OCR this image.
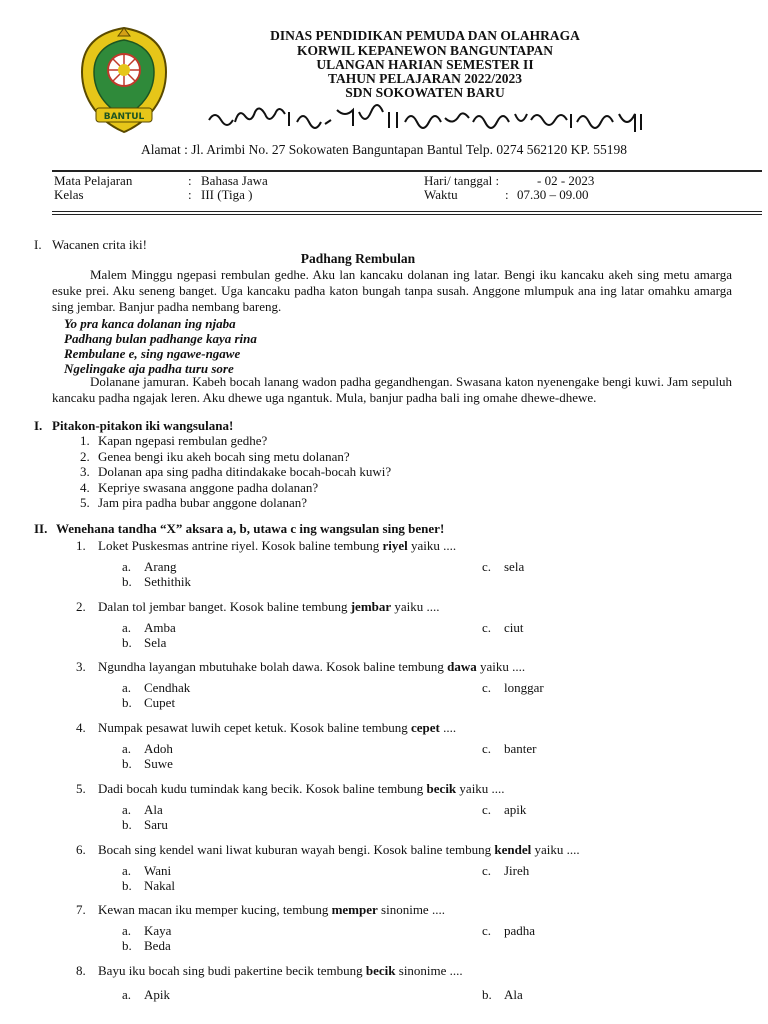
BANTUL
DINAS PENDIDIKAN PEMUDA DAN OLAHRAGA
KORWIL KEPANEWON BANGUNTAPAN
ULANGAN HARIAN SEMESTER II
TAHUN PELAJARAN 2022/2023
SDN SOKOWATEN BARU
Alamat : Jl. Arimbi No. 27 Sokowaten Banguntapan Bantul Telp. 0274 562120 KP. 55198
Mata Pelajaran	: Bahasa Jawa	Hari/ tanggal :	- 02 - 2023
Kelas	: III (Tiga )	Waktu	: 07.30 – 09.00
I. Wacanen crita iki!
Padhang Rembulan

Malem Minggu ngepasi rembulan gedhe. Aku lan kancaku dolanan ing latar. Bengi iku kancaku akeh sing metu amarga esuke prei. Aku seneng banget. Uga kancaku padha katon bungah tanpa susah. Anggone mlumpuk ana ing latar omahku amarga sing jembar. Banjur padha nembang bareng.

Yo pra kanca dolanan ing njaba
Padhang bulan padhange kaya rina
Rembulane e, sing ngawe-ngawe
Ngelingake aja padha turu sore

Dolanane jamuran. Kabeh bocah lanang wadon padha gegandhengan. Swasana katon nyenengake bengi kuwi. Jam sepuluh kancaku padha ngajak leren. Aku dhewe uga ngantuk. Mula, banjur padha bali ing omahe dhewe-dhewe.

I. Pitakon-pitakon iki wangsulana!
1. Kapan ngepasi rembulan gedhe?
2. Genea bengi iku akeh bocah sing metu dolanan?
3. Dolanan apa sing padha ditindakake bocah-bocah kuwi?
4. Kepriye swasana anggone padha dolanan?
5. Jam pira padha bubar anggone dolanan?
II. Wenehana tandha “X” aksara a, b, utawa c ing wangsulan sing bener!
1. Loket Puskesmas antrine riyel. Kosok baline tembung riyel yaiku ....
a. Arang
b. Sethithik
c. sela
2. Dalan tol jembar banget. Kosok baline tembung jembar yaiku ....
a. Amba
b. Sela
c. ciut
3. Ngundha layangan mbutuhake bolah dawa. Kosok baline tembung dawa yaiku ....
a. Cendhak
b. Cupet
c. longgar
4. Numpak pesawat luwih cepet ketuk. Kosok baline tembung cepet ....
a. Adoh
b. Suwe
c. banter
5. Dadi bocah kudu tumindak kang becik. Kosok baline tembung becik yaiku ....
a. Ala
b. Saru
c. apik
6. Bocah sing kendel wani liwat kuburan wayah bengi. Kosok baline tembung kendel yaiku ....
a. Wani
b. Nakal
c. Jireh
7. Kewan macan iku memper kucing, tembung memper sinonime ....
a. Kaya
b. Beda
c. padha
8. Bayu iku bocah sing budi pakertine becik tembung becik sinonime ....
a. Apik	b. Ala
